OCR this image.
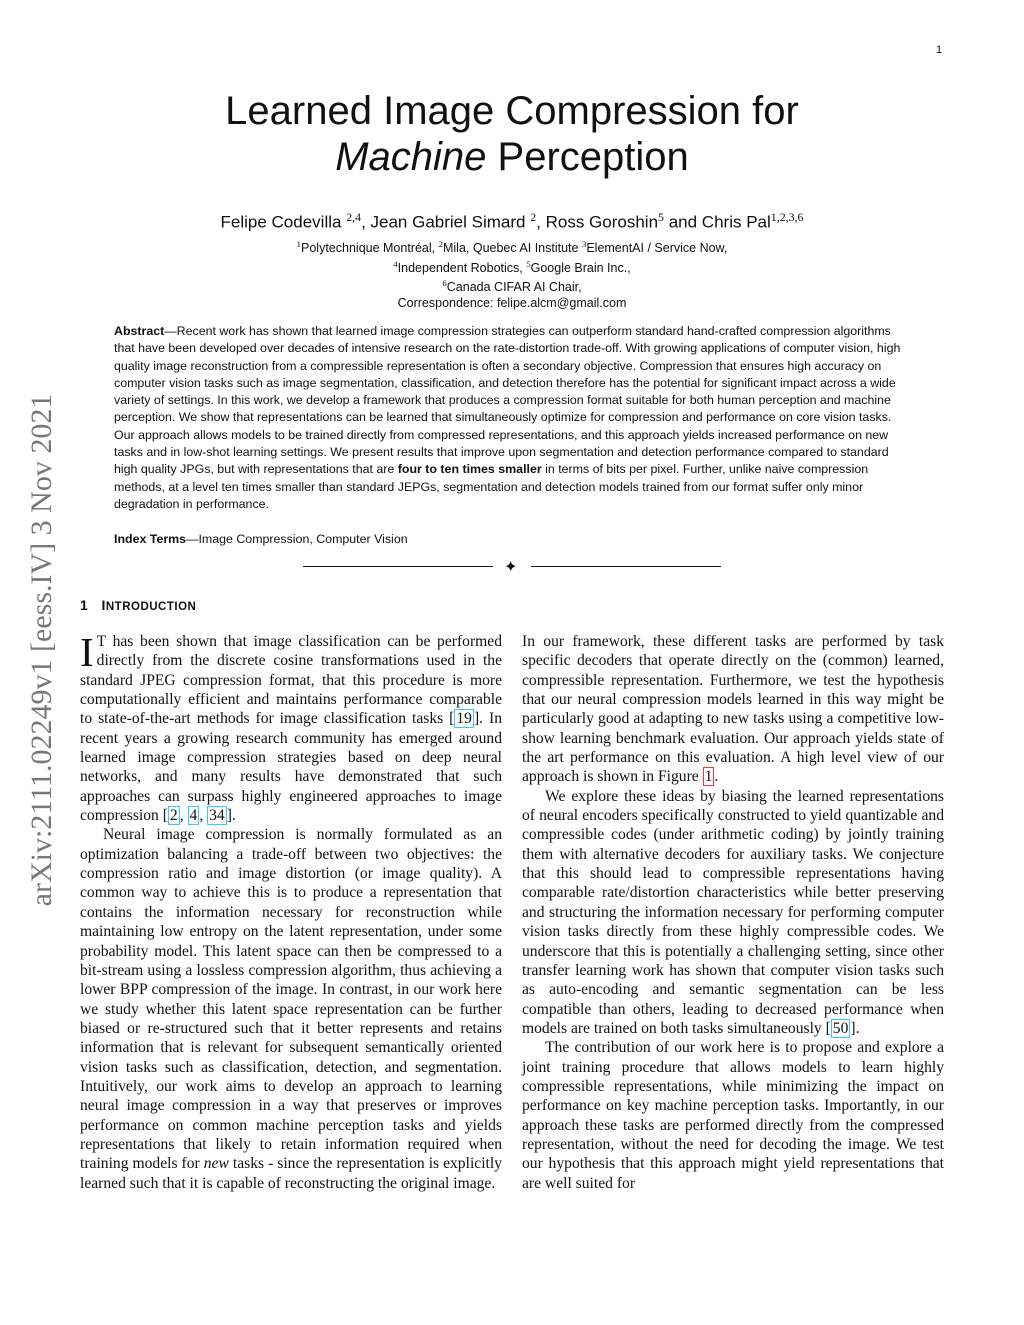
1
Learned Image Compression for
Machine Perception
Felipe Codevilla $^{2,4}$, Jean Gabriel Simard $^2$, Ross Goroshin$^5$ and Chris Pal$^{1,2,3,6}$
$^1$Polytechnique Montréal, $^2$Mila, Quebec AI Institute $^3$ElementAI / Service Now,
$^4$Independent Robotics, $^5$Google Brain Inc.,
$^6$Canada CIFAR AI Chair,
Correspondence: felipe.alcm@gmail.com
Abstract—Recent work has shown that learned image compression strategies can outperform standard hand-crafted compression algorithms that have been developed over decades of intensive research on the rate-distortion trade-off. With growing applications of computer vision, high quality image reconstruction from a compressible representation is often a secondary objective. Compression that ensures high accuracy on computer vision tasks such as image segmentation, classification, and detection therefore has the potential for significant impact across a wide variety of settings. In this work, we develop a framework that produces a compression format suitable for both human perception and machine perception. We show that representations can be learned that simultaneously optimize for compression and performance on core vision tasks. Our approach allows models to be trained directly from compressed representations, and this approach yields increased performance on new tasks and in low-shot learning settings. We present results that improve upon segmentation and detection performance compared to standard high quality JPGs, but with representations that are four to ten times smaller in terms of bits per pixel. Further, unlike naive compression methods, at a level ten times smaller than standard JEPGs, segmentation and detection models trained from our format suffer only minor degradation in performance.
Index Terms—Image Compression, Computer Vision
✦
1 INTRODUCTION

I T has been shown that image classification can be performed directly from the discrete cosine transformations used in the standard JPEG compression format, that this procedure is more computationally efficient and maintains performance comparable to state-of-the-art methods for image classification tasks [ 19 ]. In recent years a growing research community has emerged around learned image compression strategies based on deep neural networks, and many results have demonstrated that such approaches can surpass highly engineered approaches to image compression [ 2 , 4 , 34 ].

Neural image compression is normally formulated as an optimization balancing a trade-off between two objectives: the compression ratio and image distortion (or image quality). A common way to achieve this is to produce a representation that contains the information necessary for reconstruction while maintaining low entropy on the latent representation, under some probability model. This latent space can then be compressed to a bit-stream using a lossless compression algorithm, thus achieving a lower BPP compression of the image. In contrast, in our work here we study whether this latent space representation can be further biased or re-structured such that it better represents and retains information that is relevant for subsequent semantically oriented vision tasks such as classification, detection, and segmentation. Intuitively, our work aims to develop an approach to learning neural image compression in a way that preserves or improves performance on common machine perception tasks and yields representations that likely to retain information required when training models for new tasks - since the representation is explicitly learned such that it is capable of reconstructing the original image.

In our framework, these different tasks are performed by task specific decoders that operate directly on the (common) learned, compressible representation. Furthermore, we test the hypothesis that our neural compression models learned in this way might be particularly good at adapting to new tasks using a competitive low-show learning benchmark evaluation. Our approach yields state of the art performance on this evaluation. A high level view of our approach is shown in Figure 1 .

We explore these ideas by biasing the learned representations of neural encoders specifically constructed to yield quantizable and compressible codes (under arithmetic coding) by jointly training them with alternative decoders for auxiliary tasks. We conjecture that this should lead to compressible representations having comparable rate/distortion characteristics while better preserving and structuring the information necessary for performing computer vision tasks directly from these highly compressible codes. We underscore that this is potentially a challenging setting, since other transfer learning work has shown that computer vision tasks such as auto-encoding and semantic segmentation can be less compatible than others, leading to decreased performance when models are trained on both tasks simultaneously [ 50 ].

The contribution of our work here is to propose and explore a joint training procedure that allows models to learn highly compressible representations, while minimizing the impact on performance on key machine perception tasks. Importantly, in our approach these tasks are performed directly from the compressed representation, without the need for decoding the image. We test our hypothesis that this approach might yield representations that are well suited for

arXiv:2111.02249v1 [eess.IV] 3 Nov 2021
